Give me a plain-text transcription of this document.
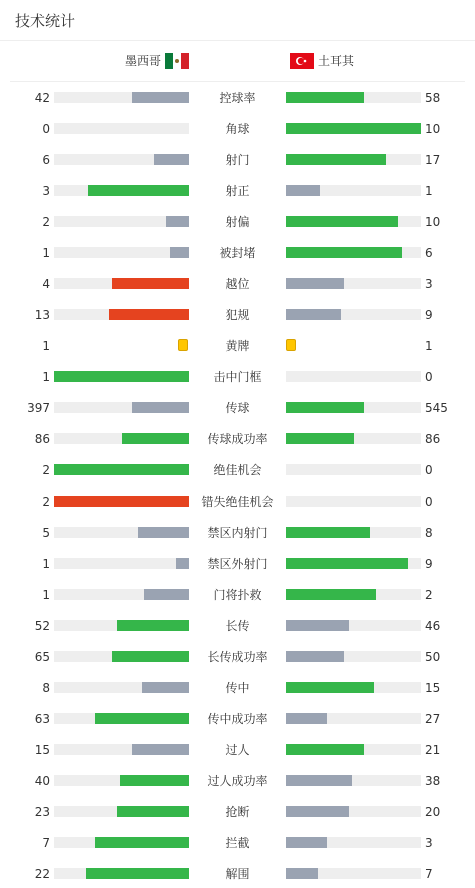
技术统计
墨西哥	土耳其
42	控球率	58
0	角球	10
6	射门	17
3	射正	1
2	射偏	10
1	被封堵	6
4	越位	3
13	犯规	9
1	黄牌	1
1	击中门框	0
397	传球	545
86	传球成功率	86
2	绝佳机会	0
2	错失绝佳机会	0
5	禁区内射门	8
1	禁区外射门	9
1	门将扑救	2
52	长传	46
65	长传成功率	50
8	传中	15
63	传中成功率	27
15	过人	21
40	过人成功率	38
23	抢断	20
7	拦截	3
22	解围	7
